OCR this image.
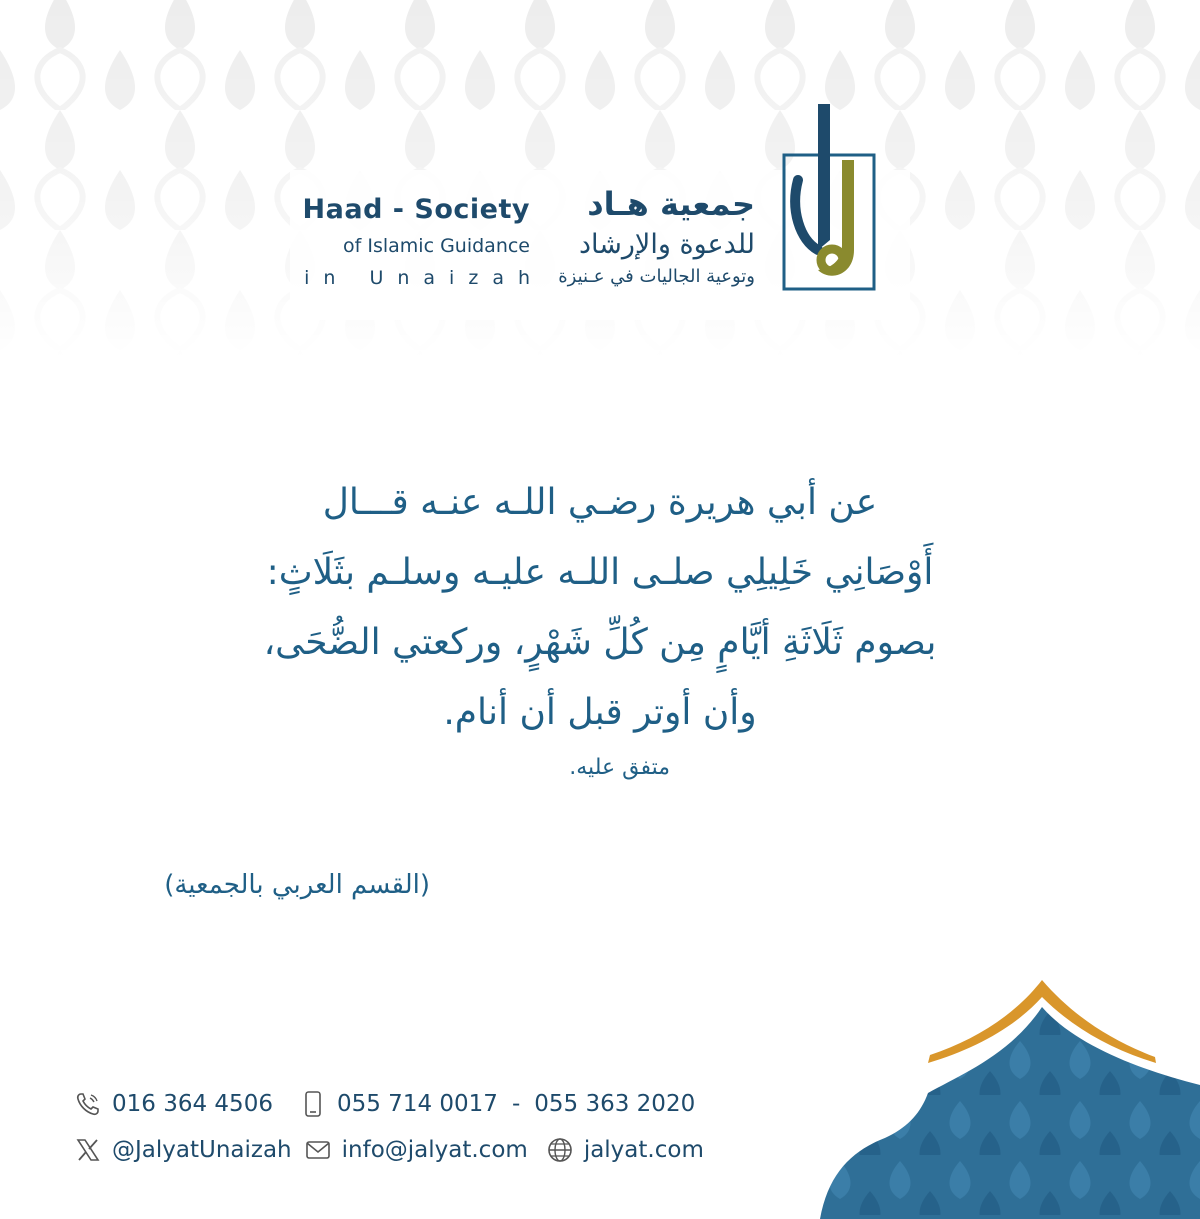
Haad - Society
of Islamic Guidance
in Unaizah
جمعية هـاد
للدعوة والإرشاد
وتوعية الجاليات في عـنيزة
عن أبي هريرة رضـي اللـه عنـه قـــال
أَوْصَانِي خَلِيلِي صلـى اللـه عليـه وسلـم بثَلَاثٍ:
بصوم ثَلَاثَةِ أيَّامٍ مِن كُلِّ شَهْرٍ، وركعتي الضُّحَى،
وأن أوتر قبل أن أنام.
متفق عليه.
(القسم العربي بالجمعية)
016 364 4506	055 714 0017 - 055 363 2020
@JalyatUnaizah info@jalyat.com jalyat.com
